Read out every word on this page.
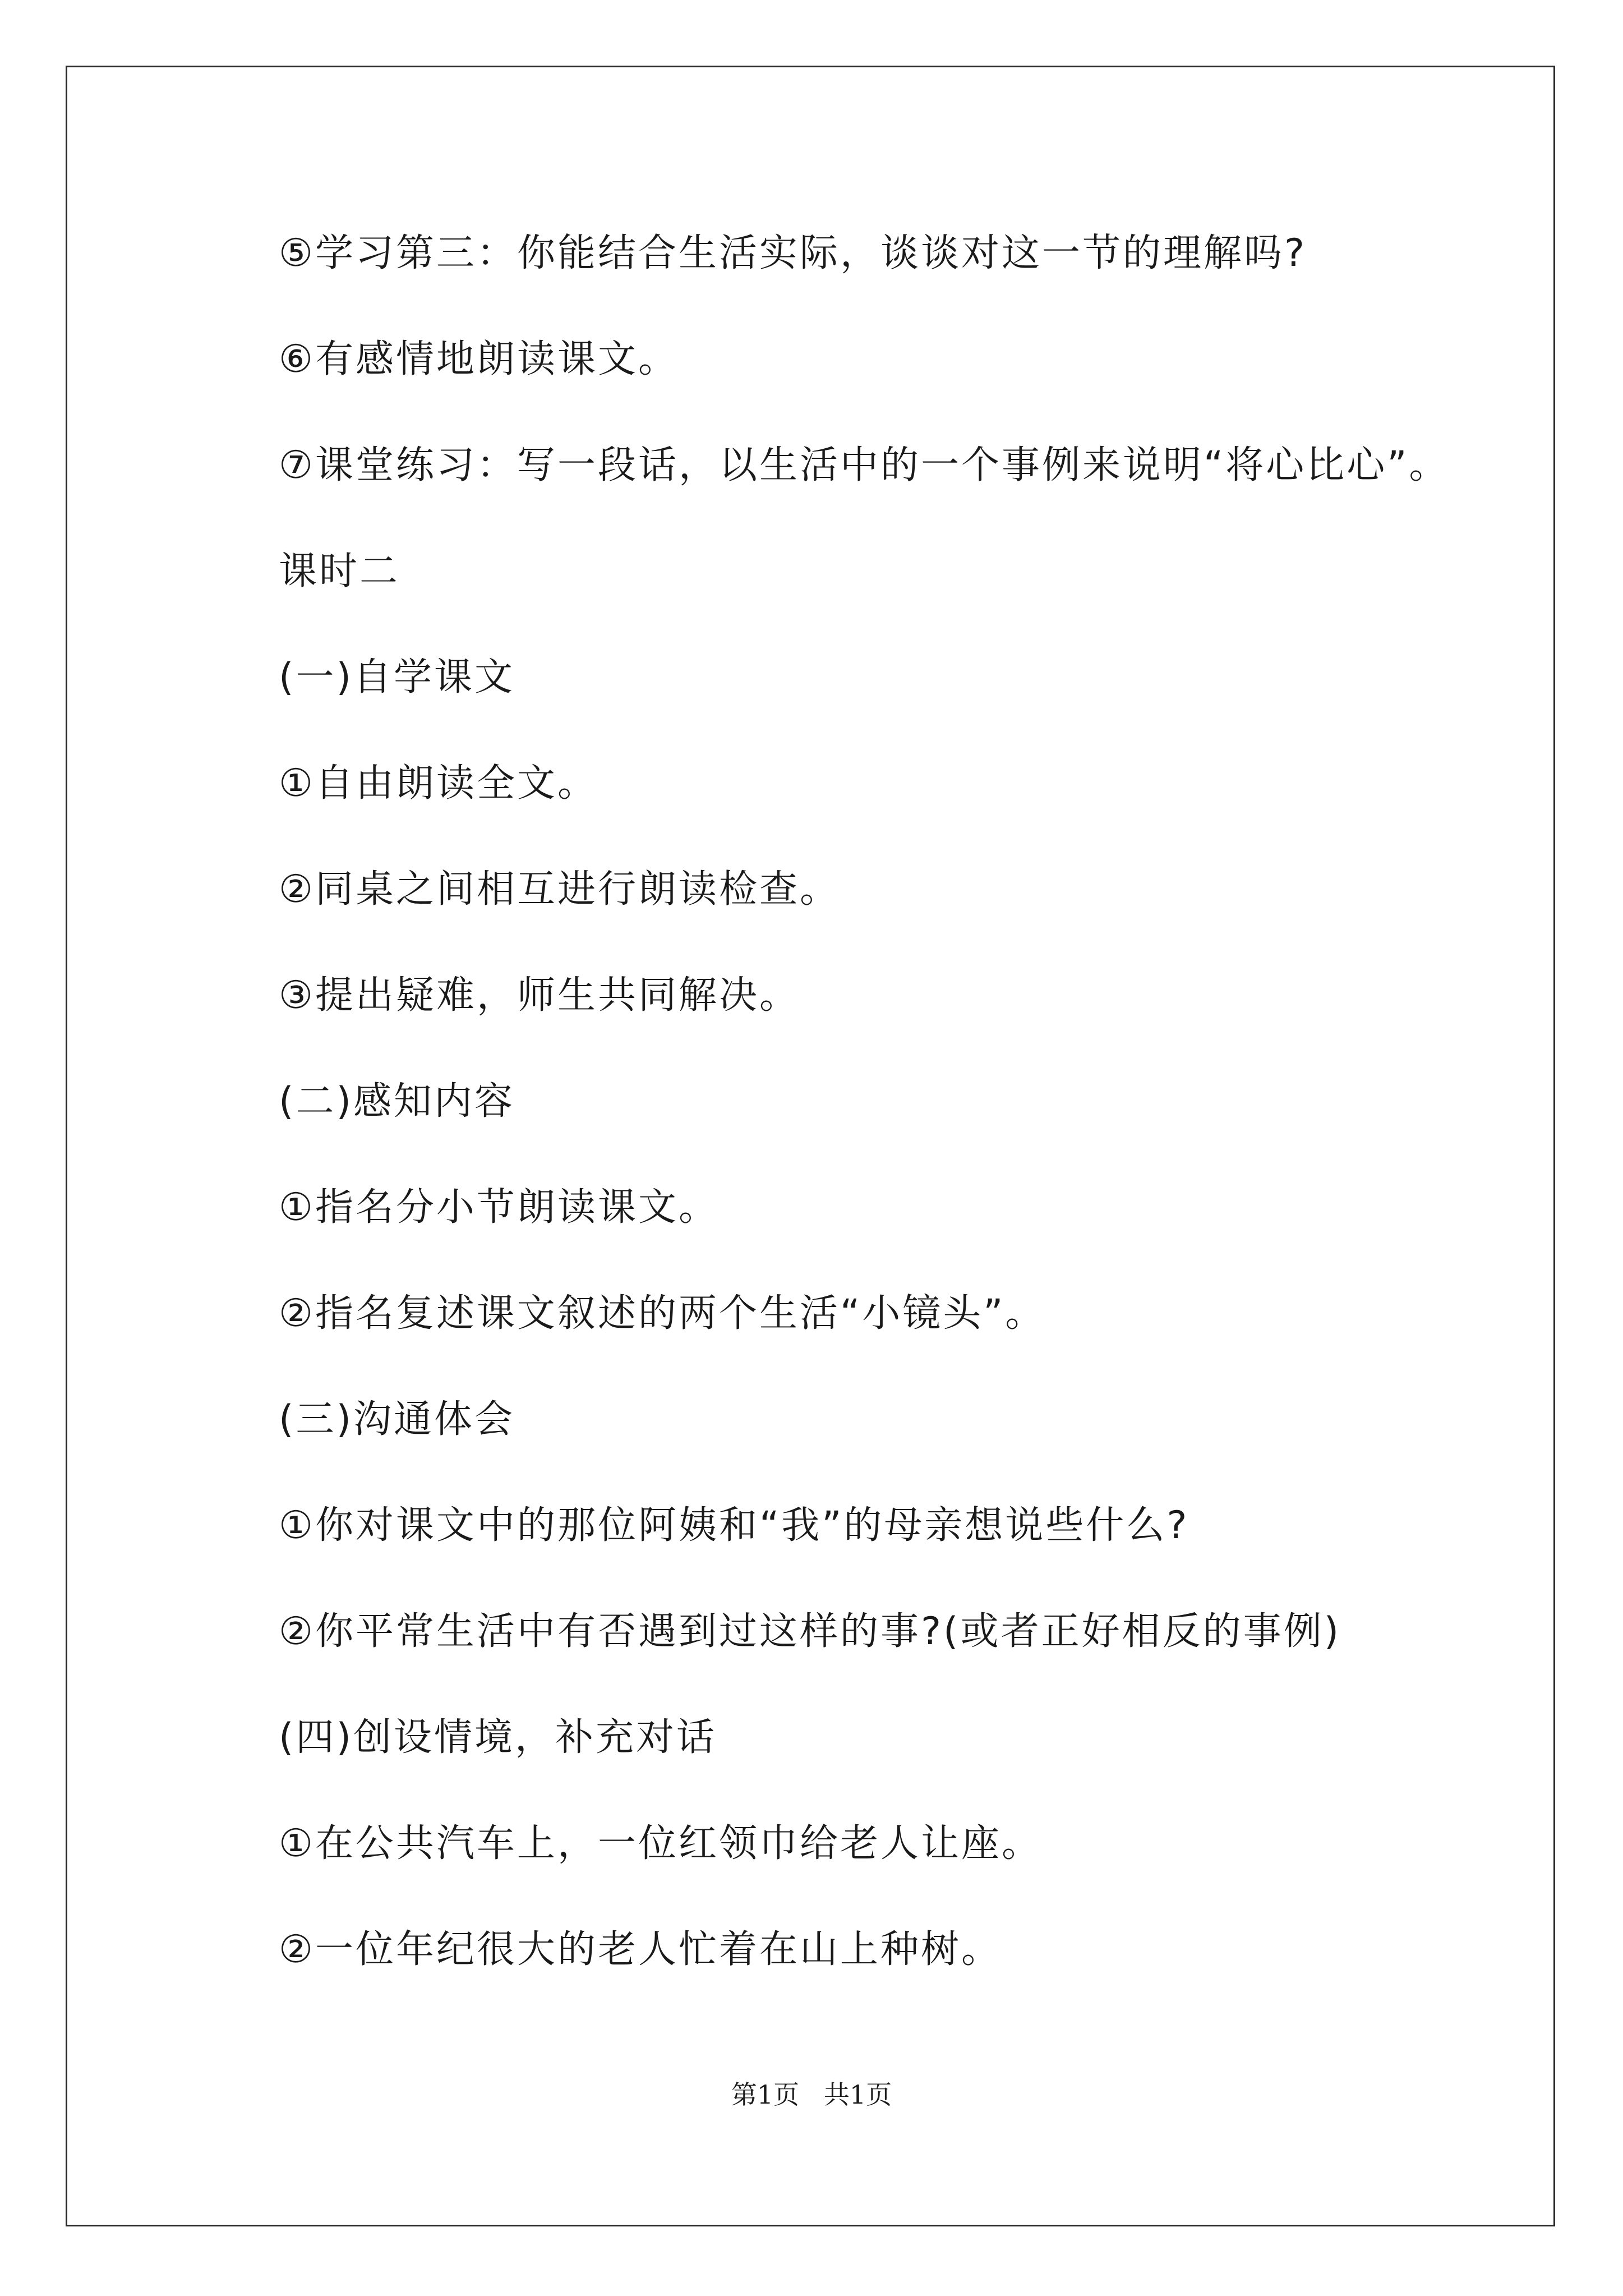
⑤学习第三：你能结合生活实际，谈谈对这一节的理解吗?
⑥有感情地朗读课文。
⑦课堂练习：写一段话，以生活中的一个事例来说明“将心比心”。
课时二
(一)自学课文
①自由朗读全文。
②同桌之间相互进行朗读检查。
③提出疑难，师生共同解决。
(二)感知内容
①指名分小节朗读课文。
②指名复述课文叙述的两个生活“小镜头”。
(三)沟通体会
①你对课文中的那位阿姨和“我”的母亲想说些什么?
②你平常生活中有否遇到过这样的事?(或者正好相反的事例)
(四)创设情境，补充对话
①在公共汽车上，一位红领巾给老人让座。
②一位年纪很大的老人忙着在山上种树。
第1页   共1页
